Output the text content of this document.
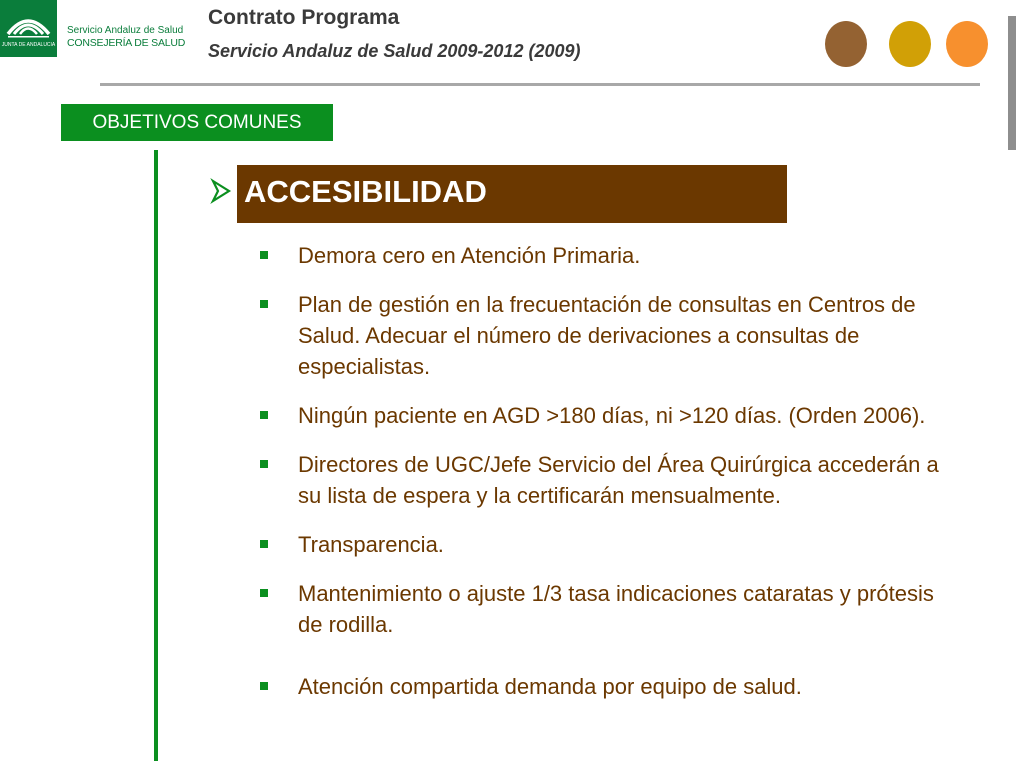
JUNTA DE ANDALUCIA
Servicio Andaluz de Salud
CONSEJERÍA DE SALUD
Contrato Programa
Servicio Andaluz de Salud 2009-2012 (2009)
OBJETIVOS COMUNES
ACCESIBILIDAD
Demora cero en Atención Primaria.
Plan de gestión en la frecuentación de consultas en Centros de Salud. Adecuar el número de derivaciones a consultas de especialistas.
Ningún paciente en AGD >180 días, ni >120 días. (Orden 2006).
Directores de UGC/Jefe Servicio del Área Quirúrgica accederán a su lista de espera y la certificarán mensualmente.
Transparencia.
Mantenimiento o ajuste 1/3 tasa indicaciones cataratas y prótesis de rodilla.
Atención compartida demanda por equipo de salud.
